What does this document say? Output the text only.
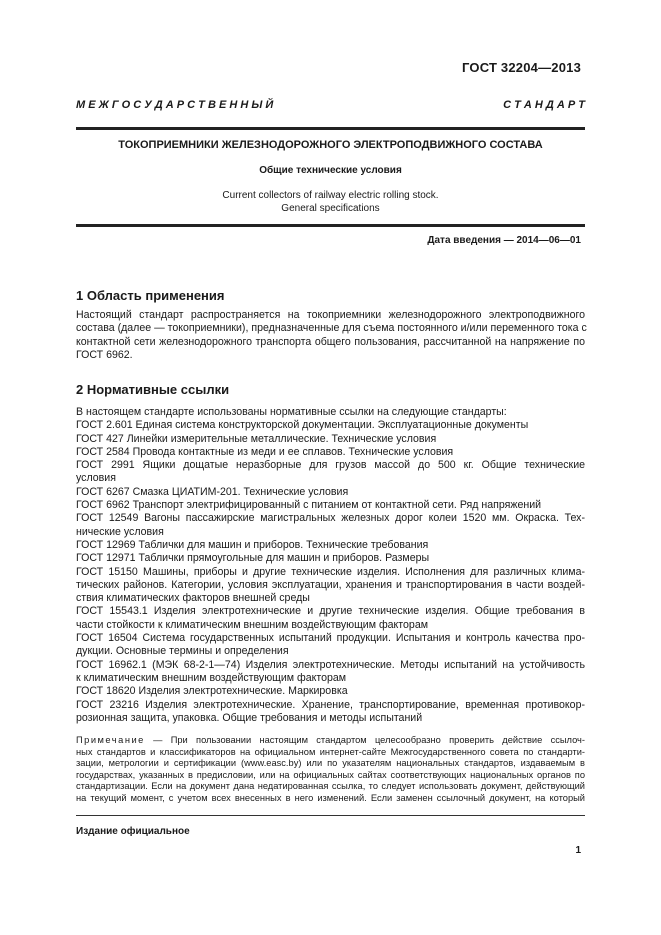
ГОСТ 32204—2013
М Е Ж Г О С У Д А Р С Т В Е Н Н Ы Й	С Т А Н Д А Р Т
ТОКОПРИЕМНИКИ ЖЕЛЕЗНОДОРОЖНОГО ЭЛЕКТРОПОДВИЖНОГО СОСТАВА
Общие технические условия
Current collectors of railway electric rolling stock.
General specifications
Дата введения — 2014—06—01
1 Область применения
Настоящий стандарт распространяется на токоприемники железнодорожного электроподвижного
состава (далее — токоприемники), предназначенные для съема постоянного и/или переменного тока с
контактной сети железнодорожного транспорта общего пользования, рассчитанной на напряжение по
ГОСТ 6962.
2 Нормативные ссылки
В настоящем стандарте использованы нормативные ссылки на следующие стандарты:
ГОСТ 2.601 Единая система конструкторской документации. Эксплуатационные документы
ГОСТ 427 Линейки измерительные металлические. Технические условия
ГОСТ 2584 Провода контактные из меди и ее сплавов. Технические условия
ГОСТ 2991 Ящики дощатые неразборные для грузов массой до 500 кг. Общие технические
условия
ГОСТ 6267 Смазка ЦИАТИМ-201. Технические условия
ГОСТ 6962 Транспорт электрифицированный с питанием от контактной сети. Ряд напряжений
ГОСТ 12549 Вагоны пассажирские магистральных железных дорог колеи 1520 мм. Окраска. Тех-
нические условия
ГОСТ 12969 Таблички для машин и приборов. Технические требования
ГОСТ 12971 Таблички прямоугольные для машин и приборов. Размеры
ГОСТ 15150 Машины, приборы и другие технические изделия. Исполнения для различных клима-
тических районов. Категории, условия эксплуатации, хранения и транспортирования в части воздей-
ствия климатических факторов внешней среды
ГОСТ 15543.1 Изделия электротехнические и другие технические изделия. Общие требования в
части стойкости к климатическим внешним воздействующим факторам
ГОСТ 16504 Система государственных испытаний продукции. Испытания и контроль качества про-
дукции. Основные термины и определения
ГОСТ 16962.1 (МЭК 68-2-1—74) Изделия электротехнические. Методы испытаний на устойчивость
к климатическим внешним воздействующим факторам
ГОСТ 18620 Изделия электротехнические. Маркировка
ГОСТ 23216 Изделия электротехнические. Хранение, транспортирование, временная противокор-
розионная защита, упаковка. Общие требования и методы испытаний
Примечание — При пользовании настоящим стандартом целесообразно проверить действие ссылоч-
ных стандартов и классификаторов на официальном интернет-сайте Межгосударственного совета по стандарти-
зации, метрологии и сертификации (www.easc.by) или по указателям национальных стандартов, издаваемым в
государствах, указанных в предисловии, или на официальных сайтах соответствующих национальных органов по
стандартизации. Если на документ дана недатированная ссылка, то следует использовать документ, действующий
на текущий момент, с учетом всех внесенных в него изменений. Если заменен ссылочный документ, на который
Издание официальное
1
